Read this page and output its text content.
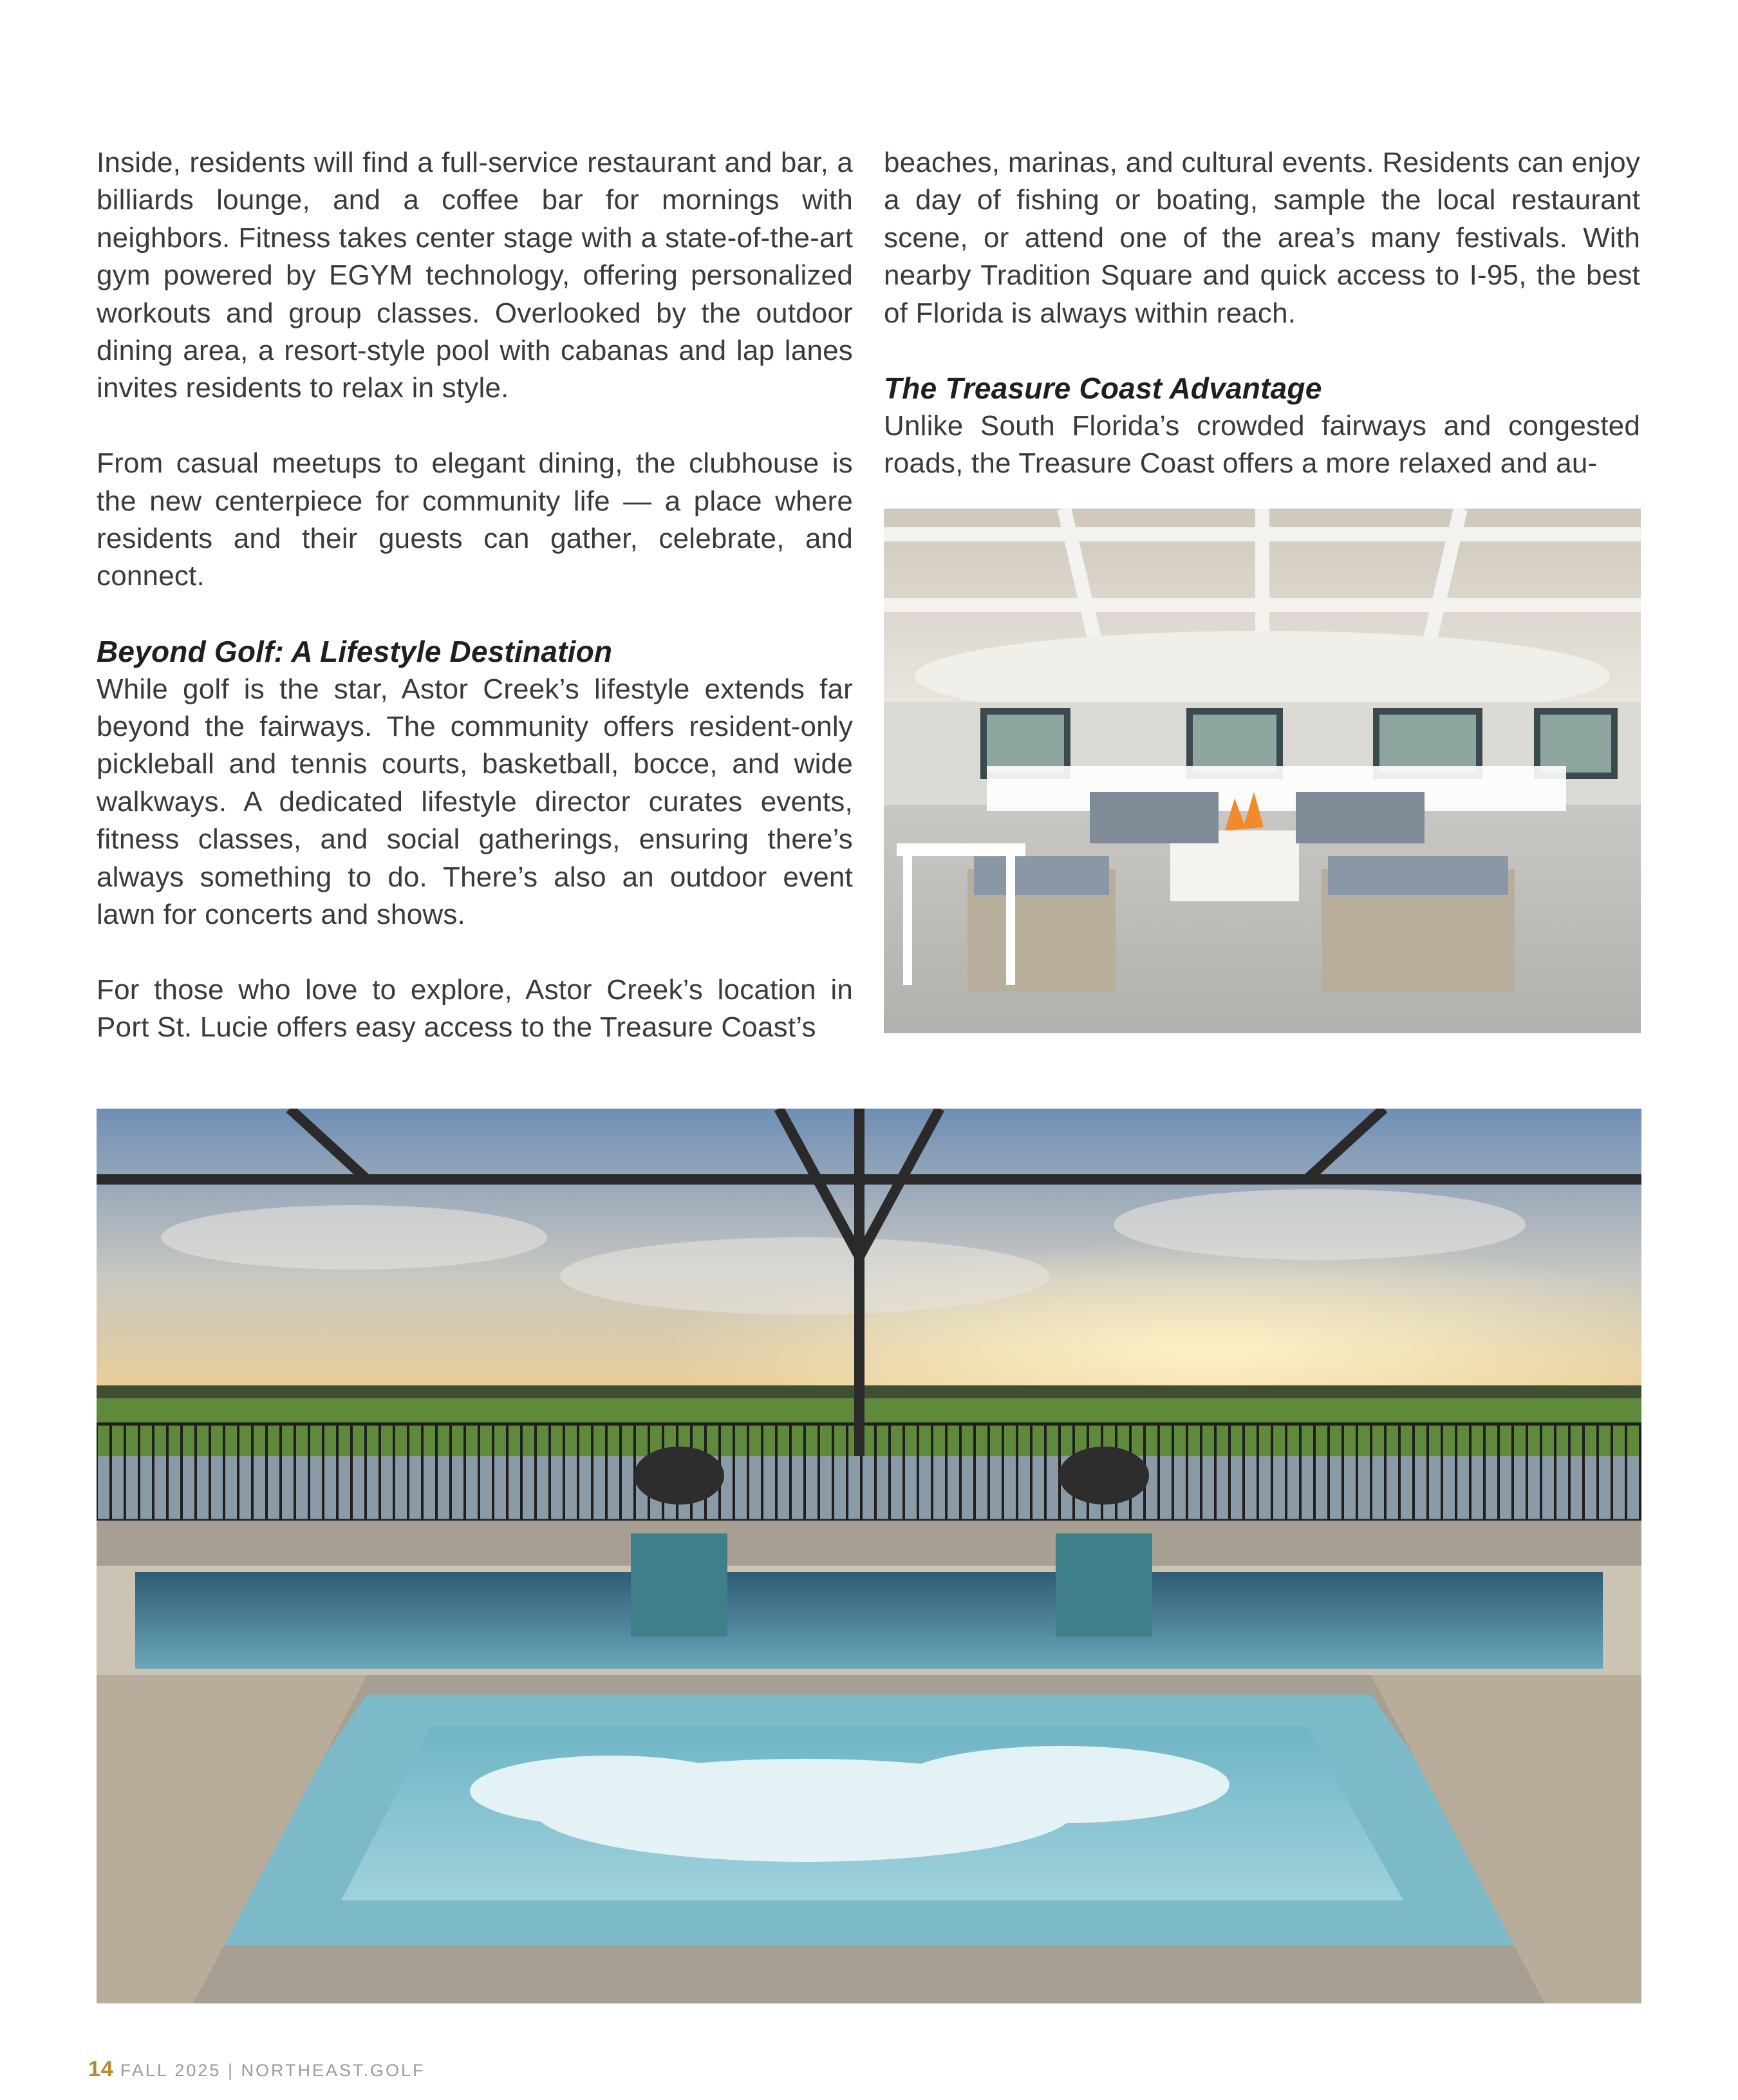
Inside, residents will find a full-service restaurant and bar, a billiards lounge, and a coffee bar for mornings with neighbors. Fitness takes center stage with a state-of-the-art gym powered by EGYM technology, offering personalized workouts and group classes. Overlooked by the outdoor dining area, a resort-style pool with cabanas and lap lanes invites residents to relax in style.

From casual meetups to elegant dining, the clubhouse is the new centerpiece for community life — a place where residents and their guests can gather, celebrate, and connect.

Beyond Golf: A Lifestyle Destination

While golf is the star, Astor Creek’s lifestyle extends far beyond the fairways. The community offers resident-only pickleball and tennis courts, basketball, bocce, and wide walkways. A dedicated lifestyle director curates events, fitness classes, and social gatherings, ensuring there’s always something to do. There’s also an outdoor event lawn for concerts and shows.

For those who love to explore, Astor Creek’s location in Port St. Lucie offers easy access to the Treasure Coast’s

beaches, marinas, and cultural events. Residents can enjoy a day of fishing or boating, sample the local restaurant scene, or attend one of the area’s many festivals. With nearby Tradition Square and quick access to I-95, the best of Florida is always within reach.

The Treasure Coast Advantage

Unlike South Florida’s crowded fairways and congested roads, the Treasure Coast offers a more relaxed and au-

14 FALL 2025 | NORTHEAST.GOLF
